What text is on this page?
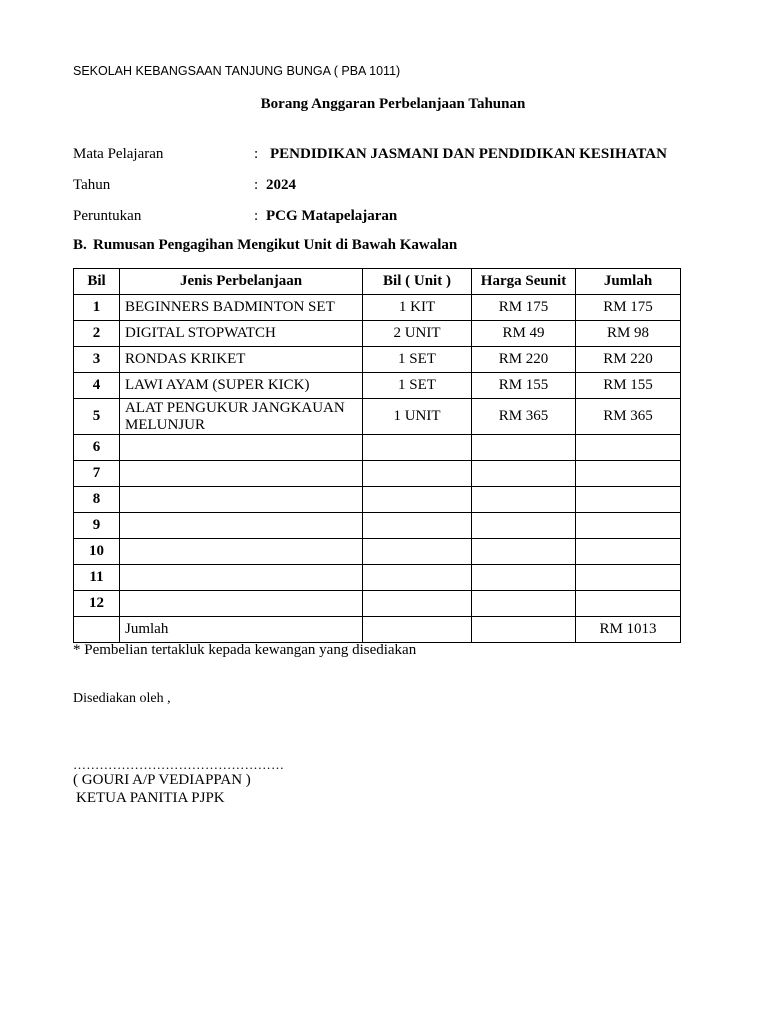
SEKOLAH KEBANGSAAN TANJUNG BUNGA ( PBA 1011)
Borang Anggaran Perbelanjaan Tahunan
Mata Pelajaran	: PENDIDIKAN JASMANI DAN PENDIDIKAN KESIHATAN
Tahun	: 2024
Peruntukan	: PCG Matapelajaran
B. Rumusan Pengagihan Mengikut Unit di Bawah Kawalan
Bil	Jenis Perbelanjaan	Bil ( Unit )	Harga Seunit	Jumlah
1	BEGINNERS BADMINTON SET	1 KIT	RM 175	RM 175
2	DIGITAL STOPWATCH	2 UNIT	RM 49	RM 98
3	RONDAS KRIKET	1 SET	RM 220	RM 220
4	LAWI AYAM (SUPER KICK)	1 SET	RM 155	RM 155
5	ALAT PENGUKUR JANGKAUAN MELUNJUR	1 UNIT	RM 365	RM 365
6				
7				
8				
9				
10				
11				
12				
	Jumlah			RM 1013
* Pembelian tertakluk kepada kewangan yang disediakan
Disediakan oleh ,
…………………………………………
( GOURI A/P VEDIAPPAN )
KETUA PANITIA PJPK
